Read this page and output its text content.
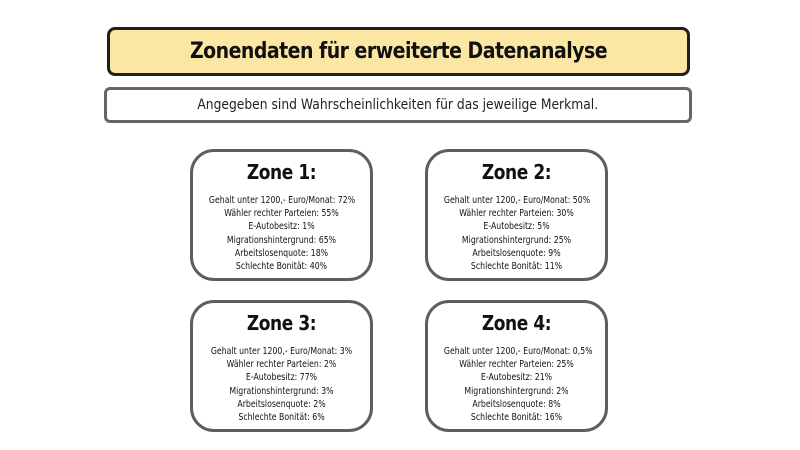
Zonendaten für erweiterte Datenanalyse
Angegeben sind Wahrscheinlichkeiten für das jeweilige Merkmal.
Zone 1:
Gehalt unter 1200,- Euro/Monat: 72%
Wähler rechter Parteien: 55%
E-Autobesitz: 1%
Migrationshintergrund: 65%
Arbeitslosenquote: 18%
Schlechte Bonität: 40%
Zone 2:
Gehalt unter 1200,- Euro/Monat: 50%
Wähler rechter Parteien: 30%
E-Autobesitz: 5%
Migrationshintergrund: 25%
Arbeitslosenquote: 9%
Schlechte Bonität: 11%
Zone 3:
Gehalt unter 1200,- Euro/Monat: 3%
Wähler rechter Parteien: 2%
E-Autobesitz: 77%
Migrationshintergrund: 3%
Arbeitslosenquote: 2%
Schlechte Bonität: 6%
Zone 4:
Gehalt unter 1200,- Euro/Monat: 0,5%
Wähler rechter Parteien: 25%
E-Autobesitz: 21%
Migrationshintergrund: 2%
Arbeitslosenquote: 8%
Schlechte Bonität: 16%
